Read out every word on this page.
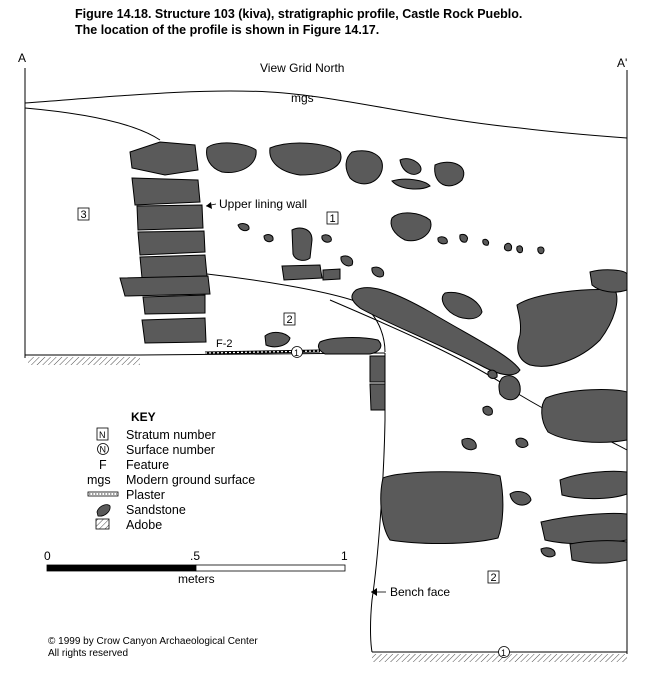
Figure 14.18. Structure 103 (kiva), stratigraphic profile, Castle Rock Pueblo.
The location of the profile is shown in Figure 14.17.
A	A'
View Grid North
mgs
Upper lining wall
F-2
Bench face
3	1
2
2
1
1
KEY
N Stratum number
N Surface number
F Feature
mgs Modern ground surface
Plaster
Sandstone
Adobe
0	.5	1
meters
© 1999 by Crow Canyon Archaeological Center
All rights reserved
